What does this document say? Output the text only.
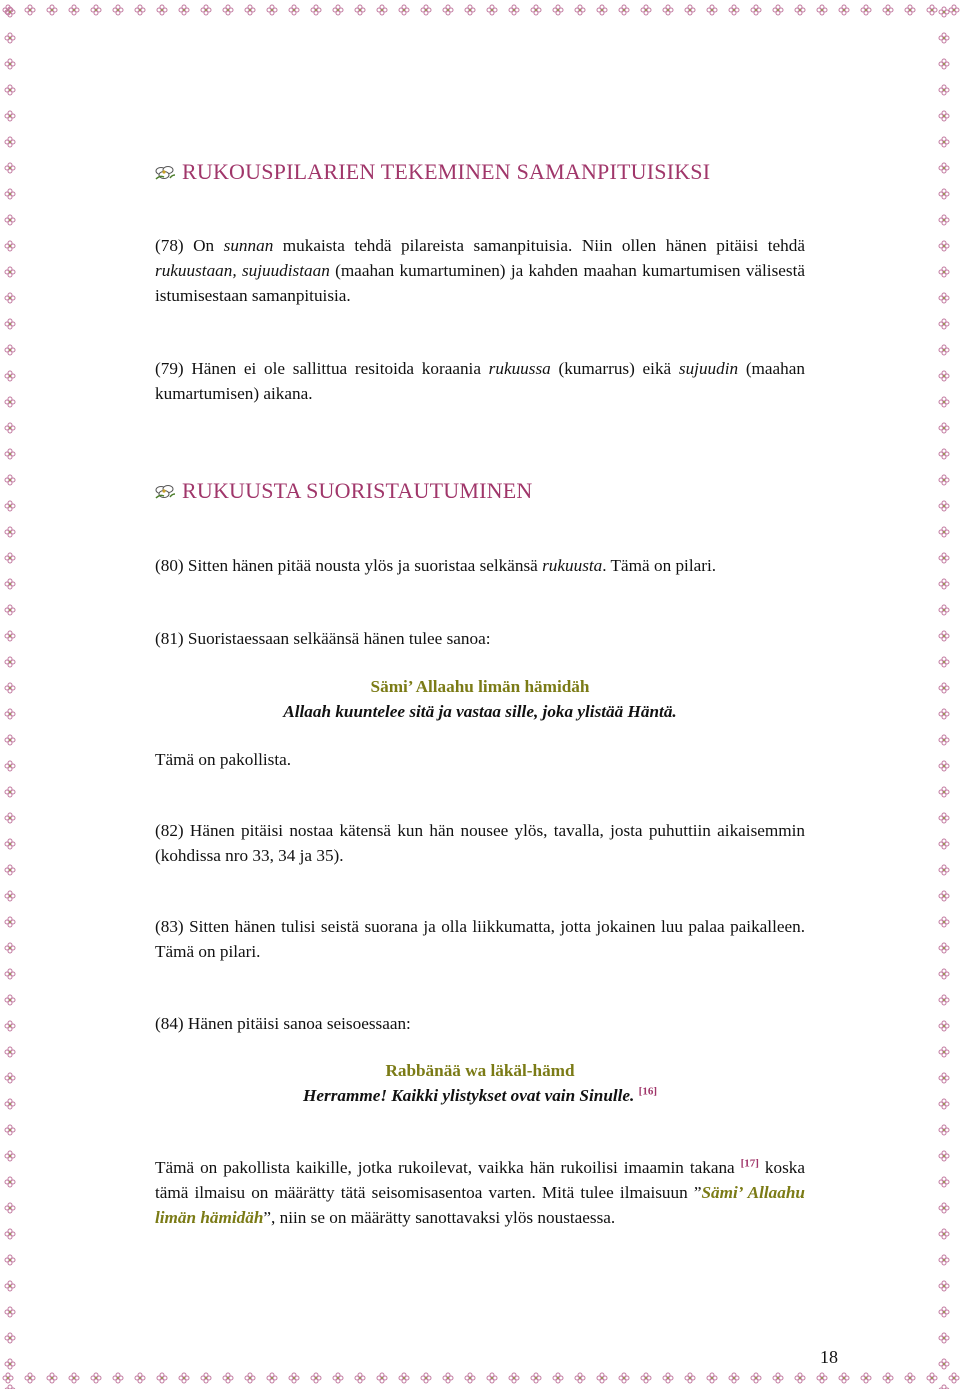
RUKOUSPILARIEN TEKEMINEN SAMANPITUISIKSI

(78) On sunnan mukaista tehdä pilareista samanpituisia. Niin ollen hänen pitäisi tehdä rukuustaan, sujuudistaan (maahan kumartuminen) ja kahden maahan kumartumisen välisestä istumisestaan samanpituisia.

(79) Hänen ei ole sallittua resitoida koraania rukuussa (kumarrus) eikä sujuudin (maahan kumartumisen) aikana.

RUKUUSTA SUORISTAUTUMINEN

(80) Sitten hänen pitää nousta ylös ja suoristaa selkänsä rukuusta. Tämä on pilari.

(81) Suoristaessaan selkäänsä hänen tulee sanoa:

Sämi’ Allaahu limän hämidäh

Allaah kuuntelee sitä ja vastaa sille, joka ylistää Häntä.

Tämä on pakollista.

(82) Hänen pitäisi nostaa kätensä kun hän nousee ylös, tavalla, josta puhuttiin aikaisemmin (kohdissa nro 33, 34 ja 35).

(83) Sitten hänen tulisi seistä suorana ja olla liikkumatta, jotta jokainen luu palaa paikalleen. Tämä on pilari.

(84) Hänen pitäisi sanoa seisoessaan:

Rabbänää wa läkäl-hämd

Herramme! Kaikki ylistykset ovat vain Sinulle. [16]

Tämä on pakollista kaikille, jotka rukoilevat, vaikka hän rukoilisi imaamin takana [17] koska tämä ilmaisu on määrätty tätä seisomisasentoa varten. Mitä tulee ilmaisuun ”Sämi’ Allaahu limän hämidäh”, niin se on määrätty sanottavaksi ylös noustaessa.

18
